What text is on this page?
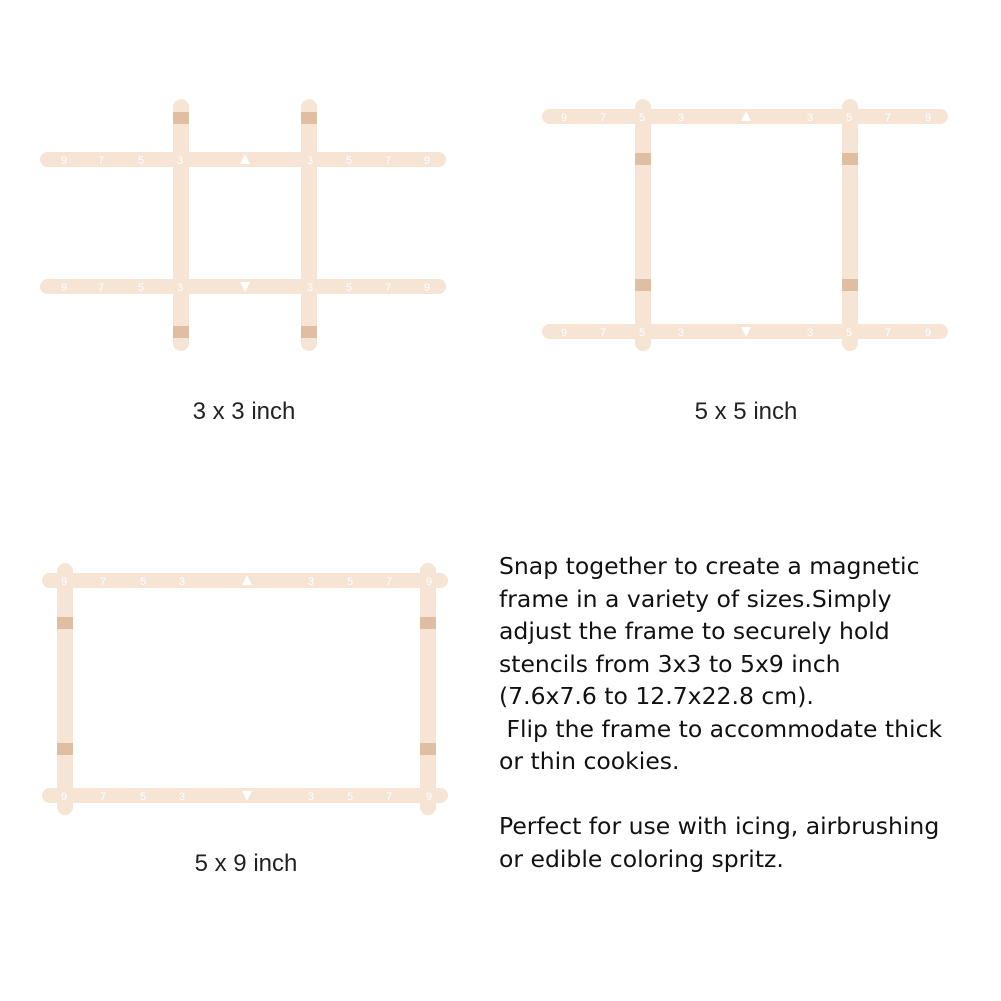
9	7	5	3	3	5	7	9
9	7	5	3	3	5	7	9
9	7	5	3	3	5	7	9
9	7	5	3	3	5	7	9
9	7	5	3	3	5	7	9
9	7	5	3	3	5	7	9
3 x 3 inch	5 x 5 inch
5 x 9 inch

Snap together to create a magnetic
frame in a variety of sizes.Simply
adjust the frame to securely hold
stencils from 3x3 to 5x9 inch
(7.6x7.6 to 12.7x22.8 cm).
Flip the frame to accommodate thick
or thin cookies.

Perfect for use with icing, airbrushing
or edible coloring spritz.
